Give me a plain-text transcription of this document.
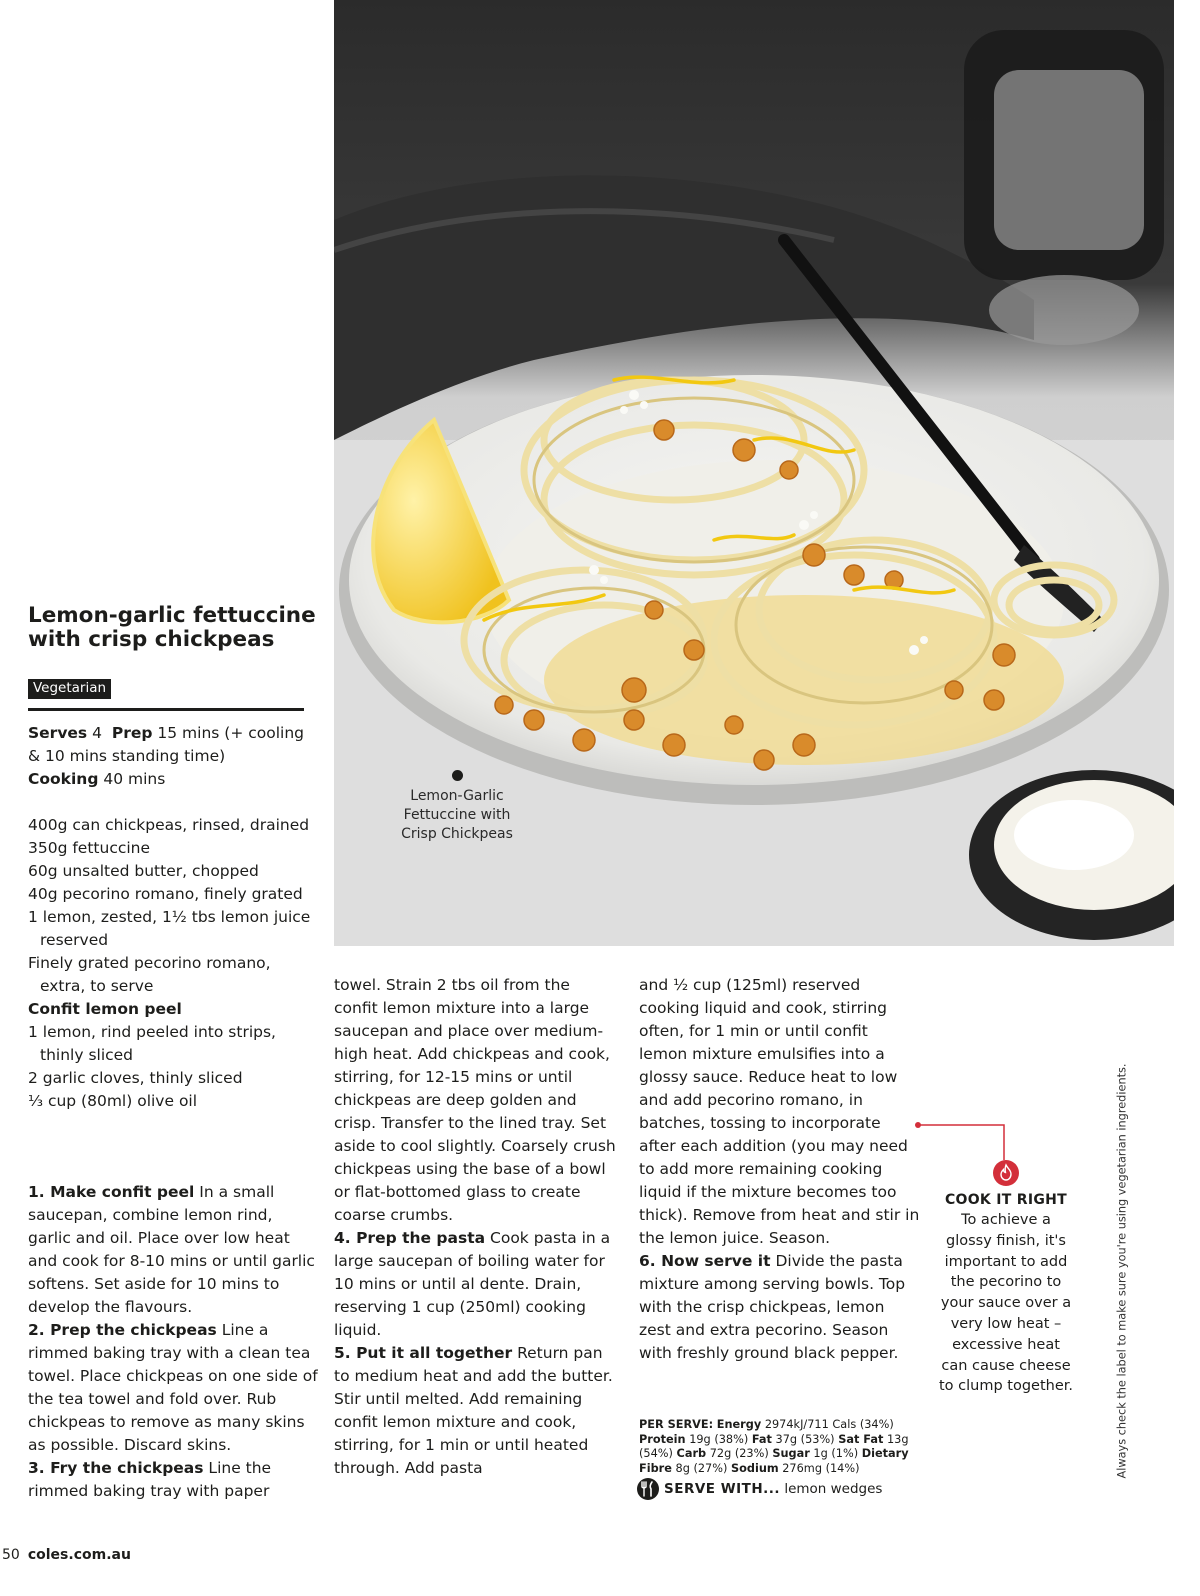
Lemon-Garlic Fettuccine with Crisp Chickpeas
Lemon-garlic fettuccine with crisp chickpeas
Vegetarian
Serves 4 Prep 15 mins (+ cooling & 10 mins standing time)
Cooking 40 mins

400g can chickpeas, rinsed, drained

350g fettuccine

60g unsalted butter, chopped

40g pecorino romano, finely grated

1 lemon, zested, 1½ tbs lemon juice reserved

Finely grated pecorino romano, extra, to serve

Confit lemon peel

1 lemon, rind peeled into strips, thinly sliced

2 garlic cloves, thinly sliced

⅓ cup (80ml) olive oil

1. Make confit peel In a small saucepan, combine lemon rind, garlic and oil. Place over low heat and cook for 8-10 mins or until garlic softens. Set aside for 10 mins to develop the flavours.

2. Prep the chickpeas Line a rimmed baking tray with a clean tea towel. Place chickpeas on one side of the tea towel and fold over. Rub chickpeas to remove as many skins as possible. Discard skins.

3. Fry the chickpeas Line the rimmed baking tray with paper

towel. Strain 2 tbs oil from the confit lemon mixture into a large saucepan and place over medium-high heat. Add chickpeas and cook, stirring, for 12-15 mins or until chickpeas are deep golden and crisp. Transfer to the lined tray. Set aside to cool slightly. Coarsely crush chickpeas using the base of a bowl or flat-bottomed glass to create coarse crumbs.

4. Prep the pasta Cook pasta in a large saucepan of boiling water for 10 mins or until al dente. Drain, reserving 1 cup (250ml) cooking liquid.

5. Put it all together Return pan to medium heat and add the butter. Stir until melted. Add remaining confit lemon mixture and cook, stirring, for 1 min or until heated through. Add pasta

and ½ cup (125ml) reserved cooking liquid and cook, stirring often, for 1 min or until confit lemon mixture emulsifies into a glossy sauce. Reduce heat to low and add pecorino romano, in batches, tossing to incorporate after each addition (you may need to add more remaining cooking liquid if the mixture becomes too thick). Remove from heat and stir in the lemon juice. Season.

6. Now serve it Divide the pasta mixture among serving bowls. Top with the crisp chickpeas, lemon zest and extra pecorino. Season with freshly ground black pepper.

PER SERVE: Energy 2974kJ/711 Cals (34%) Protein 19g (38%) Fat 37g (53%) Sat Fat 13g (54%) Carb 72g (23%) Sugar 1g (1%) Dietary Fibre 8g (27%) Sodium 276mg (14%)
SERVE WITH... lemon wedges
COOK IT RIGHT
To achieve a glossy finish, it's important to add the pecorino to your sauce over a very low heat – excessive heat can cause cheese to clump together.	Always check the label to make sure you're using vegetarian ingredients.
50 coles.com.au
